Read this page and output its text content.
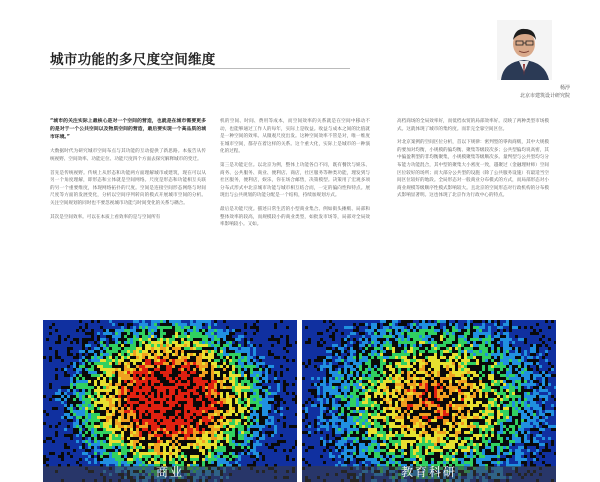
城市功能的多尺度空间维度
杨浡
北京市建筑设计研究院

“城市的关注实际上最核心是对一个空间的营造，也就是在城市需要更多的是对于一个公共空间以及物质空间的营造，最后要实现一个高品质的城市环境。”

大数据时代为研究城市空间布点与其功能的互动提供了新思路。本报告从传统视野、空间效率、功能定位、功能尺度四个方面去探究解释城市的变迁。

首先是传统视野。传统上从形态和功能两方面理解城市或建筑，现在可以从另一个角度理解，即形态和立体就是空间网络。尺度是形态和功能相互关联的另一个重要维度，体现网络拓扑的尺度。空间是连接空间形态网络与时间尺度等方面的发展变化，分析以空间序列转向的模式开展城市空间的分析。关注空间规划的同时也不要忽视城市功能与时间变化的关系与耦合。

其次是空间效率。可以在本质上看效率的是与空间所有

机的空间、时间、费用等成本，而空间效率的关系就是在空间中移动不动，也能够通过工作人的每年，实际上是收益。收益与成本之间的比值就是一种空间的效率。从微观尺度出发。这种空间效率不管是对，唯一维度在城市空间，都存在着这样的关系。这个重大化，实际上是城市的一种演化的过程。

第三是功能定位。以北京为例，整体上功能各自不同，既有餐饮与娱乐、商务、公共服务、商业、便利店、商店，社区服务等种类功能，理发到与社区服务，便利店，娱乐，你在场合邮售，决策模型。决策用了宏观多项分布式形式中北京城市功能与城市相互结合而，一定的偏向性和特点。展现出与公共规划的功能分配是一个结构，持续加规划方式。

最后是功能尺度。描述日常生活的小型商业集合、例如街头摊贩、局部和整体效率的较高，而规模较小的商业类型，如批发市场等，局部对全局效率影响较小。又如。

高档商场的全局效率好，而低档农贸的局部效率好。反映了两种类型市场模式。这就体现了城市的集约度。而非完全靠空间区位。

对北京案例的空间区位分析，首以下规律：密判型的零肉商贩，其中大规模的要加对均衡，小规模的偏均衡、聚集等级较次多；公共型偏均说高密，其中偏盈利型的非均衡聚集，小规模聚集等级顺次多。量判型与公共型均匀分布能力功能混合，其中型的聚集大小密度一致，越聚过（金融理财师）空间区位较好的场所；而大部分公共型的设施（除了公共服务设施）有最适当空间区位较好的地段。全局形态对一般商业分布模式的方式，而局部形态对小商业规模等级顺序性模式影响较大。且北京的空间形态对行政机构的分布模式影响显著明。这也体现了北京作为行政中心的特点。

商业	教育科研
